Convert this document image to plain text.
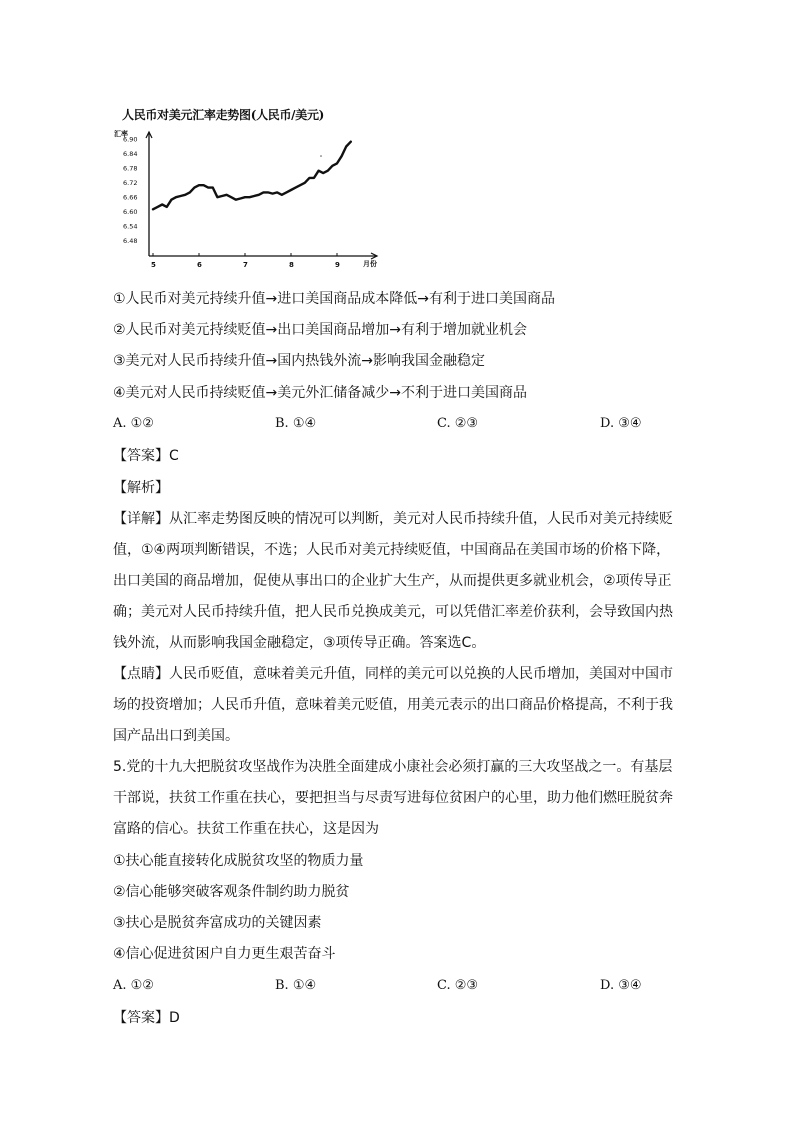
人民币对美元汇率走势图(人民币/美元)
汇率
月份
6.90
6.84
6.78
6.72
6.66
6.60
6.54
6.48
5	6	7	8	9
①人民币对美元持续升值→进口美国商品成本降低→有利于进口美国商品
②人民币对美元持续贬值→出口美国商品增加→有利于增加就业机会
③美元对人民币持续升值→国内热钱外流→影响我国金融稳定
④美元对人民币持续贬值→美元外汇储备减少→不利于进口美国商品
A. ①②	B. ①④	C. ②③	D. ③④
【答案】C
【解析】
【详解】从汇率走势图反映的情况可以判断，美元对人民币持续升值，人民币对美元持续贬
值，①④两项判断错误，不选；人民币对美元持续贬值，中国商品在美国市场的价格下降，
出口美国的商品增加，促使从事出口的企业扩大生产，从而提供更多就业机会，②项传导正
确；美元对人民币持续升值，把人民币兑换成美元，可以凭借汇率差价获利，会导致国内热
钱外流，从而影响我国金融稳定，③项传导正确。答案选C。
【点睛】人民币贬值，意味着美元升值，同样的美元可以兑换的人民币增加，美国对中国市
场的投资增加；人民币升值，意味着美元贬值，用美元表示的出口商品价格提高，不利于我
国产品出口到美国。
5.党的十九大把脱贫攻坚战作为决胜全面建成小康社会必须打赢的三大攻坚战之一。有基层
干部说，扶贫工作重在扶心，要把担当与尽责写进每位贫困户的心里，助力他们燃旺脱贫奔
富路的信心。扶贫工作重在扶心，这是因为
①扶心能直接转化成脱贫攻坚的物质力量
②信心能够突破客观条件制约助力脱贫
③扶心是脱贫奔富成功的关键因素
④信心促进贫困户自力更生艰苦奋斗
A. ①②	B. ①④	C. ②③	D. ③④
【答案】D
